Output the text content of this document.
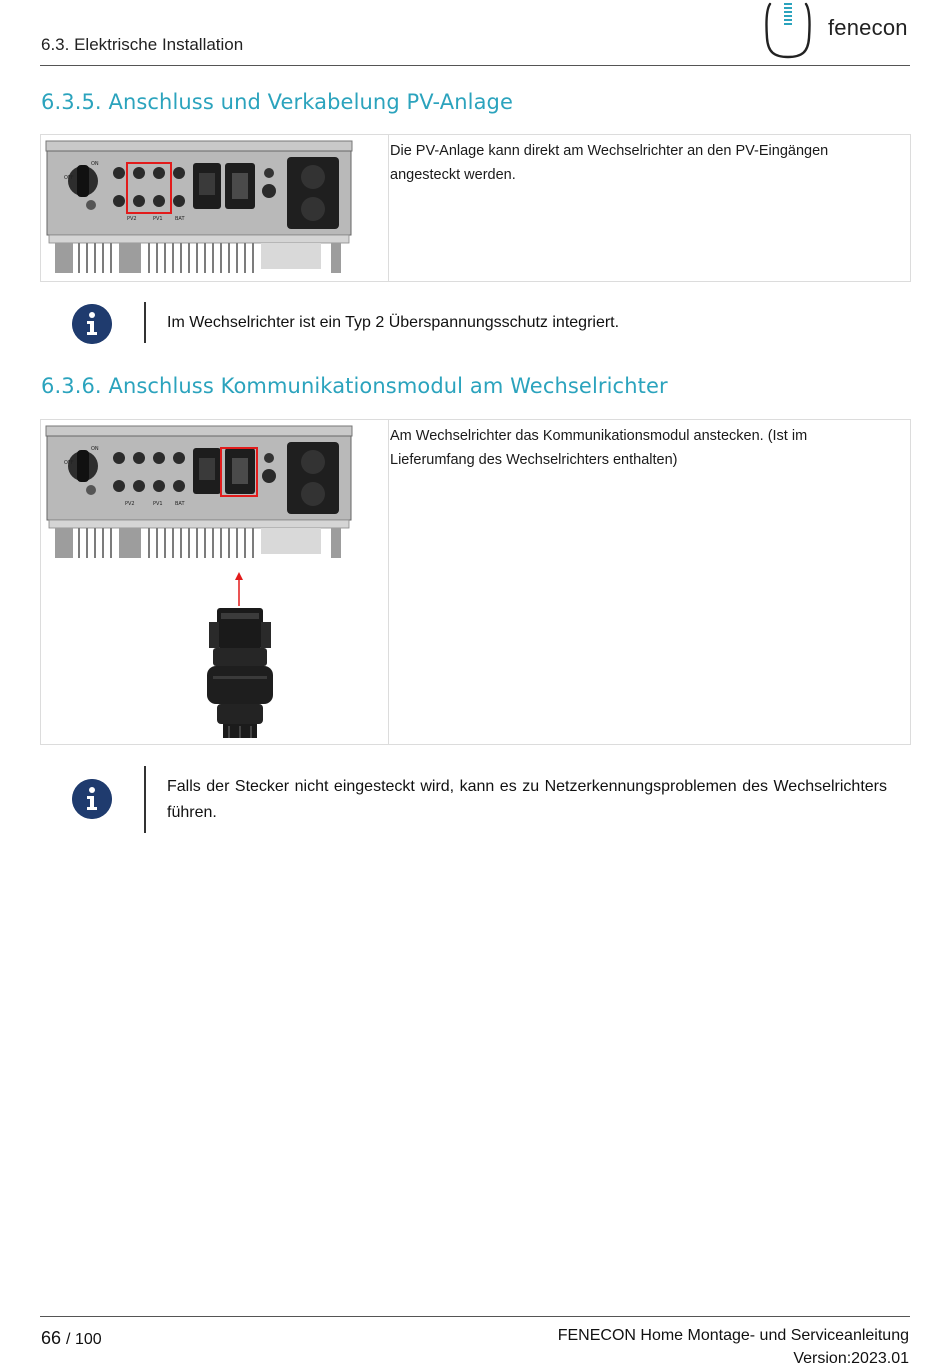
6.3. Elektrische Installation
fenecon
6.3.5. Anschluss und Verkabelung PV-Anlage
ON
OFF
PV2	PV1 BAT
Die PV-Anlage kann direkt am Wechselrichter an den PV-Eingängen angesteckt werden.
Im Wechselrichter ist ein Typ 2 Überspannungsschutz integriert.
6.3.6. Anschluss Kommunikationsmodul am Wechselrichter
ON
OFF
PV2	PV1 BAT
Am Wechselrichter das Kommunikationsmodul anstecken. (Ist im Lieferumfang des Wechselrichters enthalten)
Falls der Stecker nicht eingesteckt wird, kann es zu Netzerkennungsproblemen des Wechselrichters führen.
66 / 100	FENECON Home Montage- und Serviceanleitung
Version:2023.01
